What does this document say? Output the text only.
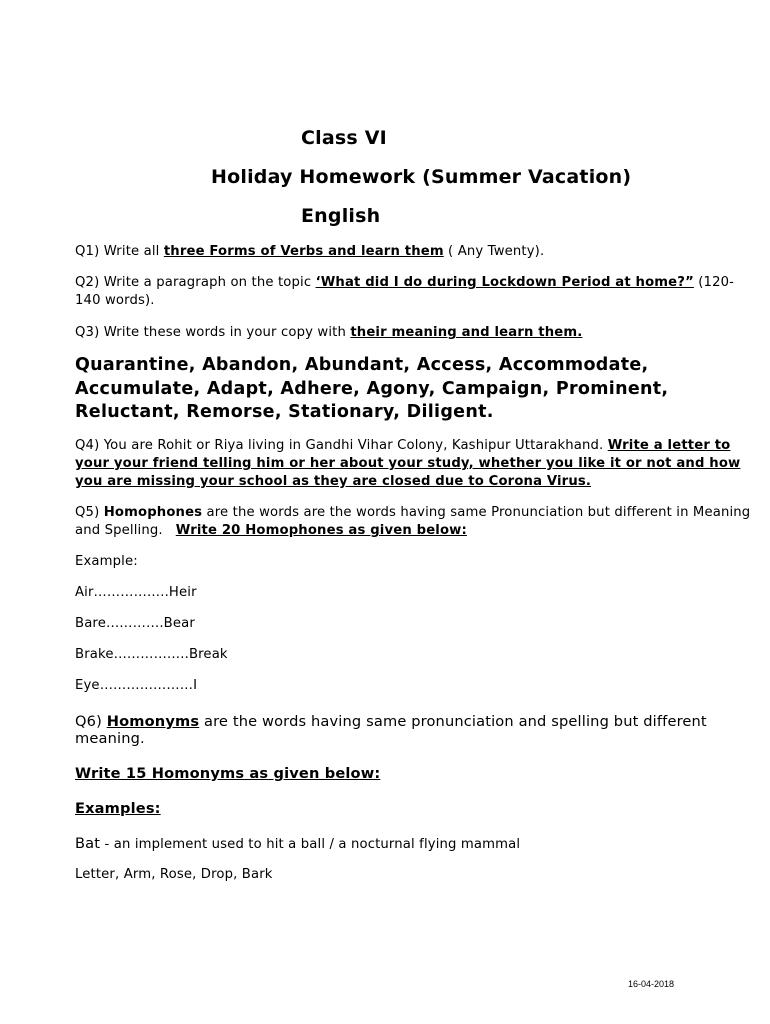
Class VI
Holiday Homework (Summer Vacation)
English
Q1) Write all three Forms of Verbs and learn them ( Any Twenty).
Q2) Write a paragraph on the topic ‘What did I do during Lockdown Period at home?” (120-140 words).
Q3) Write these words in your copy with their meaning and learn them.
Quarantine, Abandon, Abundant, Access, Accommodate, Accumulate, Adapt, Adhere, Agony, Campaign, Prominent, Reluctant, Remorse, Stationary, Diligent.
Q4) You are Rohit or Riya living in Gandhi Vihar Colony, Kashipur Uttarakhand. Write a letter to your your friend telling him or her about your study, whether you like it or not and how you are missing your school as they are closed due to Corona Virus.
Q5) Homophones are the words are the words having same Pronunciation but different in Meaning and Spelling.   Write 20 Homophones as given below:
Example:
Air……………..Heir
Bare………….Bear
Brake……………..Break
Eye…………………I
Q6) Homonyms are the words having same pronunciation and spelling but different meaning.
Write 15 Homonyms as given below:
Examples:
Bat - an implement used to hit a ball / a nocturnal flying mammal
Letter, Arm, Rose, Drop, Bark
16-04-2018
